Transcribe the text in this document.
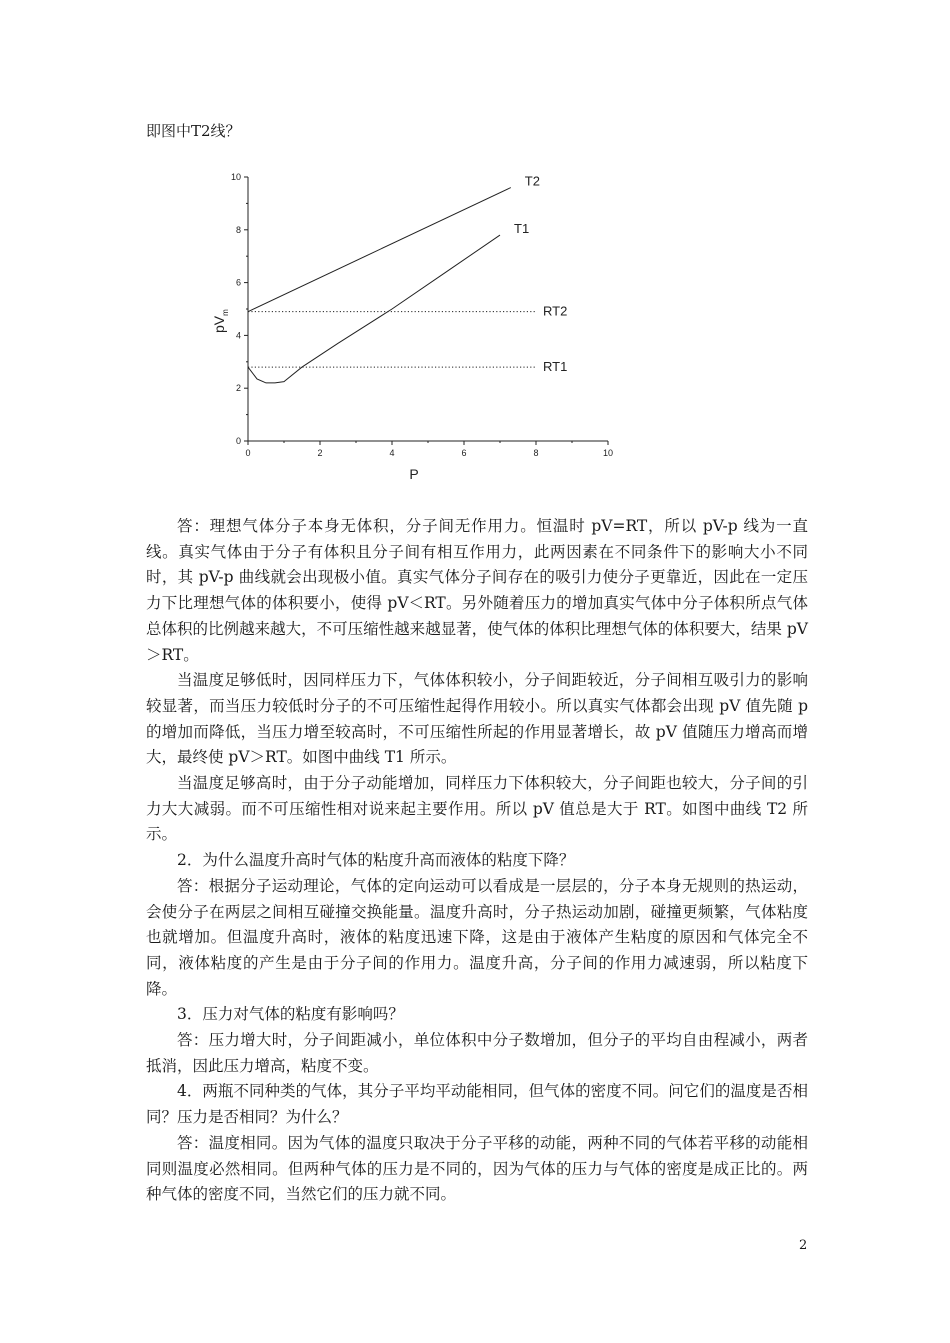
即图中T2线？
0	2	4	6	8	10
0
2
4
6
8
10
P
$pV_m$
T2
T1
RT2
RT1

答：理想气体分子本身无体积，分子间无作用力。恒温时 pV=RT，所以 pV-p 线为一直线。真实气体由于分子有体积且分子间有相互作用力，此两因素在不同条件下的影响大小不同时，其 pV-p 曲线就会出现极小值。真实气体分子间存在的吸引力使分子更靠近，因此在一定压力下比理想气体的体积要小，使得 pV＜RT。另外随着压力的增加真实气体中分子体积所点气体总体积的比例越来越大，不可压缩性越来越显著，使气体的体积比理想气体的体积要大，结果 pV＞RT。

当温度足够低时，因同样压力下，气体体积较小，分子间距较近，分子间相互吸引力的影响较显著，而当压力较低时分子的不可压缩性起得作用较小。所以真实气体都会出现 pV 值先随 p 的增加而降低，当压力增至较高时，不可压缩性所起的作用显著增长，故 pV 值随压力增高而增大，最终使 pV＞RT。如图中曲线 T1 所示。

当温度足够高时，由于分子动能增加，同样压力下体积较大，分子间距也较大，分子间的引力大大减弱。而不可压缩性相对说来起主要作用。所以 pV 值总是大于 RT。如图中曲线 T2 所示。

2．为什么温度升高时气体的粘度升高而液体的粘度下降？

答：根据分子运动理论，气体的定向运动可以看成是一层层的，分子本身无规则的热运动，会使分子在两层之间相互碰撞交换能量。温度升高时，分子热运动加剧，碰撞更频繁，气体粘度也就增加。但温度升高时，液体的粘度迅速下降，这是由于液体产生粘度的原因和气体完全不同，液体粘度的产生是由于分子间的作用力。温度升高，分子间的作用力减速弱，所以粘度下降。

3．压力对气体的粘度有影响吗？

答：压力增大时，分子间距减小，单位体积中分子数增加，但分子的平均自由程减小，两者抵消，因此压力增高，粘度不变。

4．两瓶不同种类的气体，其分子平均平动能相同，但气体的密度不同。问它们的温度是否相同？压力是否相同？为什么？

答：温度相同。因为气体的温度只取决于分子平移的动能，两种不同的气体若平移的动能相同则温度必然相同。但两种气体的压力是不同的，因为气体的压力与气体的密度是成正比的。两种气体的密度不同，当然它们的压力就不同。

2
